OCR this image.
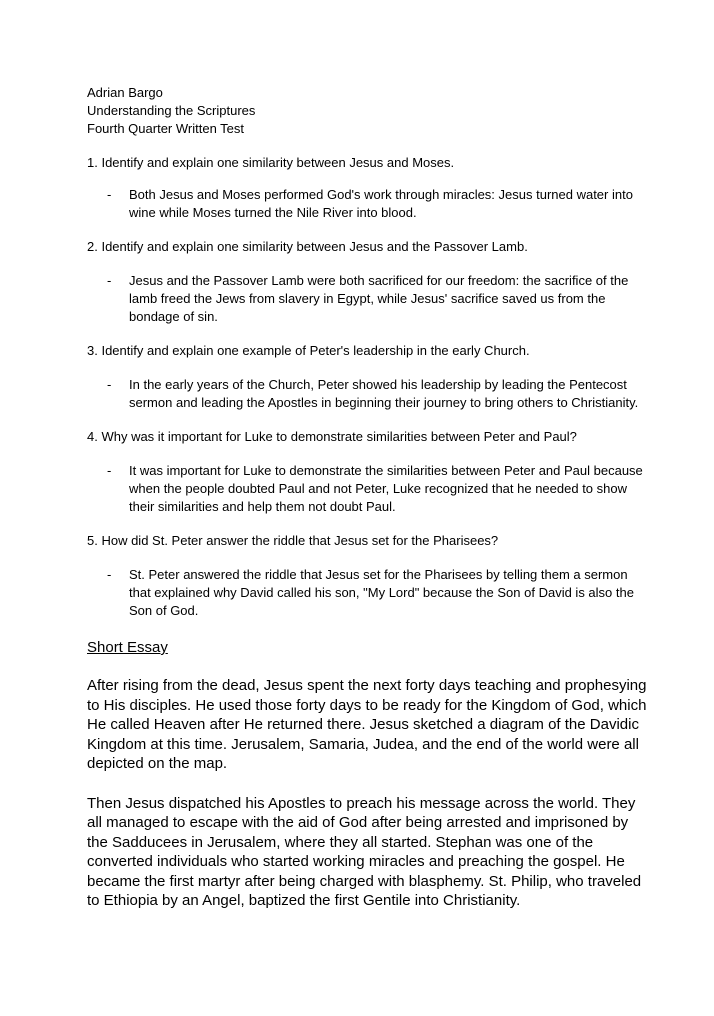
Adrian Bargo

Understanding the Scriptures

Fourth Quarter Written Test

1. Identify and explain one similarity between Jesus and Moses.

- Both Jesus and Moses performed God's work through miracles: Jesus turned water into wine while Moses turned the Nile River into blood.

2. Identify and explain one similarity between Jesus and the Passover Lamb.

- Jesus and the Passover Lamb were both sacrificed for our freedom: the sacrifice of the lamb freed the Jews from slavery in Egypt, while Jesus' sacrifice saved us from the bondage of sin.

3. Identify and explain one example of Peter's leadership in the early Church.

- In the early years of the Church, Peter showed his leadership by leading the Pentecost sermon and leading the Apostles in beginning their journey to bring others to Christianity.

4. Why was it important for Luke to demonstrate similarities between Peter and Paul?

- It was important for Luke to demonstrate the similarities between Peter and Paul because when the people doubted Paul and not Peter, Luke recognized that he needed to show their similarities and help them not doubt Paul.

5. How did St. Peter answer the riddle that Jesus set for the Pharisees?

- St. Peter answered the riddle that Jesus set for the Pharisees by telling them a sermon that explained why David called his son, "My Lord" because the Son of David is also the Son of God.

Short Essay

After rising from the dead, Jesus spent the next forty days teaching and prophesying to His disciples. He used those forty days to be ready for the Kingdom of God, which He called Heaven after He returned there. Jesus sketched a diagram of the Davidic Kingdom at this time. Jerusalem, Samaria, Judea, and the end of the world were all depicted on the map.

Then Jesus dispatched his Apostles to preach his message across the world. They all managed to escape with the aid of God after being arrested and imprisoned by the Sadducees in Jerusalem, where they all started. Stephan was one of the converted individuals who started working miracles and preaching the gospel. He became the first martyr after being charged with blasphemy. St. Philip, who traveled to Ethiopia by an Angel, baptized the first Gentile into Christianity.
